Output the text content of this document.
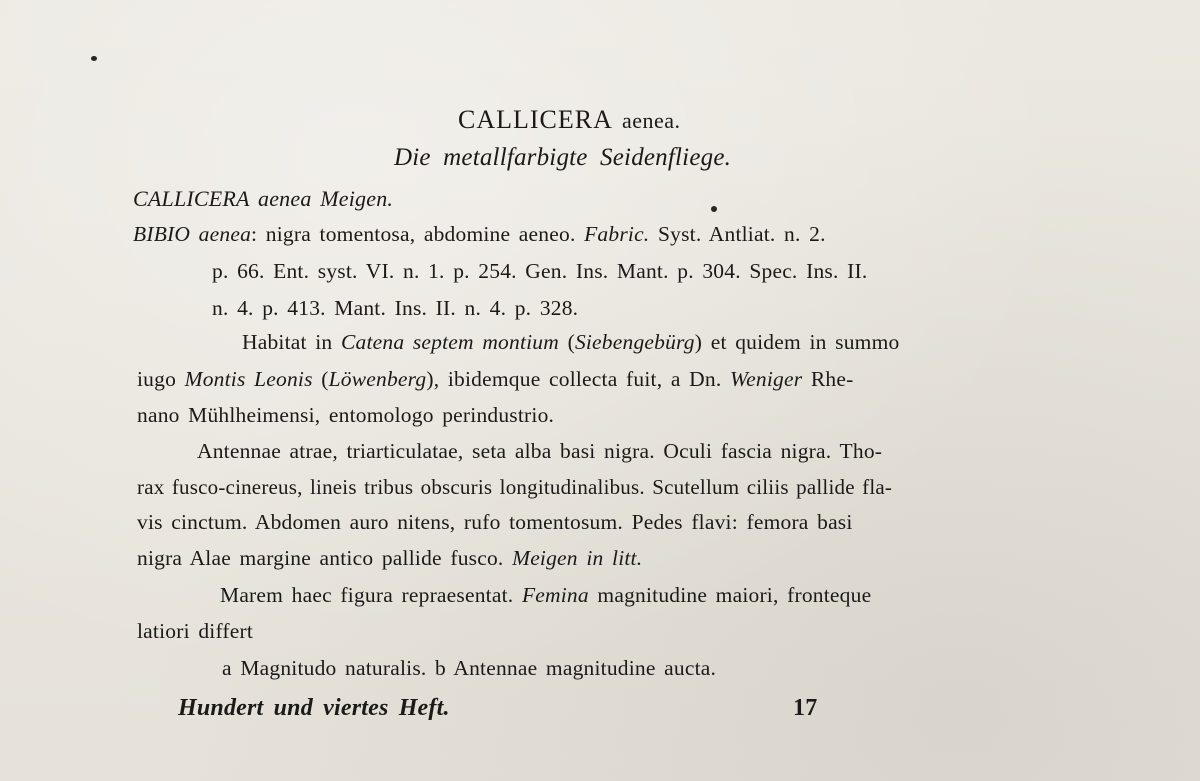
CALLICERA aenea.
Die metallfarbigte Seidenfliege.
CALLICERA aenea Meigen.
BIBIO aenea: nigra tomentosa, abdomine aeneo. Fabric. Syst. Antliat. n. 2.
p. 66. Ent. syst. VI. n. 1. p. 254. Gen. Ins. Mant. p. 304. Spec. Ins. II.
n. 4. p. 413. Mant. Ins. II. n. 4. p. 328.
Habitat in Catena septem montium (Siebengebürg) et quidem in summo
iugo Montis Leonis (Löwenberg), ibidemque collecta fuit, a Dn. Weniger Rhe-
nano Mühlheimensi, entomologo perindustrio.
Antennae atrae, triarticulatae, seta alba basi nigra. Oculi fascia nigra. Tho-
rax fusco-cinereus, lineis tribus obscuris longitudinalibus. Scutellum ciliis pallide fla-
vis cinctum. Abdomen auro nitens, rufo tomentosum. Pedes flavi: femora basi
nigra Alae margine antico pallide fusco. Meigen in litt.
Marem haec figura repraesentat. Femina magnitudine maiori, fronteque
latiori differt
a Magnitudo naturalis. b Antennae magnitudine aucta.
Hundert und viertes Heft.	17
